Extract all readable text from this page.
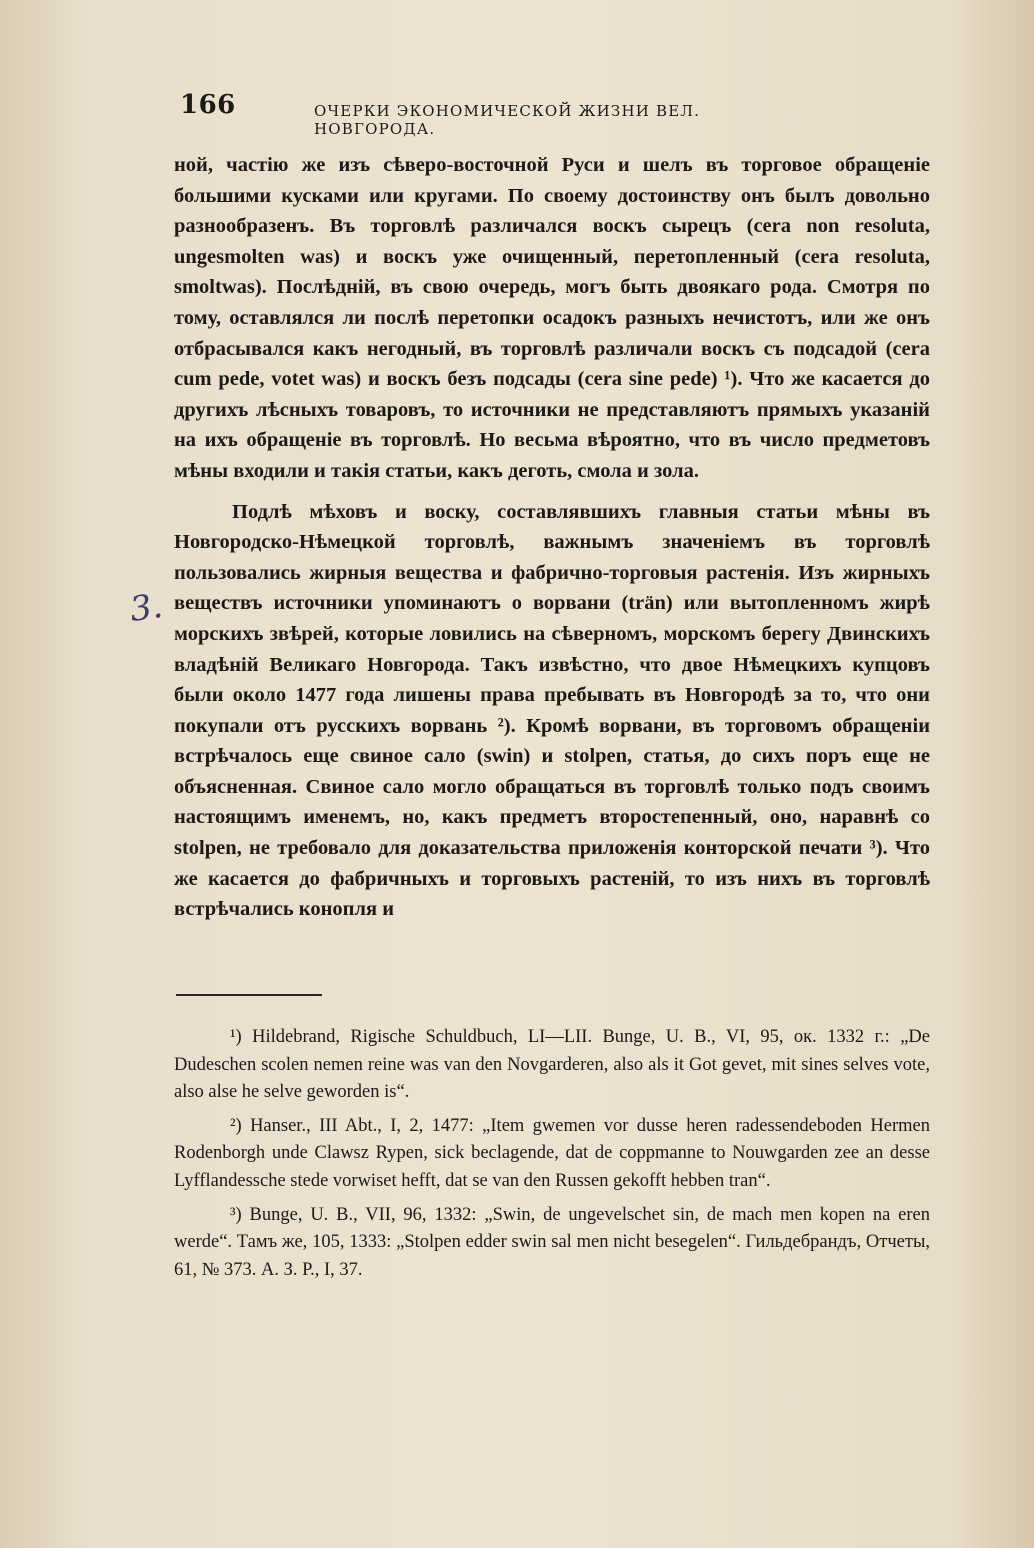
166	ОЧЕРКИ ЭКОНОМИЧЕСКОЙ ЖИЗНИ ВЕЛ. НОВГОРОДА.

ной, частію же изъ сѣверо-восточной Руси и шелъ въ торговое обращеніе большими кусками или кругами. По своему достоинству онъ былъ довольно разнообразенъ. Въ торговлѣ различался воскъ сырецъ (cera non resoluta, ungesmolten was) и воскъ уже очищенный, перетопленный (cera resoluta, smoltwas). Послѣдній, въ свою очередь, могъ быть двоякаго рода. Смотря по тому, оставлялся ли послѣ перетопки осадокъ разныхъ нечистотъ, или же онъ отбрасывался какъ негодный, въ торговлѣ различали воскъ съ подсадой (cera cum pede, votet was) и воскъ безъ подсады (cera sine pede) ¹). Что же касается до другихъ лѣсныхъ товаровъ, то источники не представляютъ прямыхъ указаній на ихъ обращеніе въ торговлѣ. Но весьма вѣроятно, что въ число предметовъ мѣны входили и такія статьи, какъ деготь, смола и зола.

Подлѣ мѣховъ и воску, составлявшихъ главныя статьи мѣны въ Новгородско-Нѣмецкой торговлѣ, важнымъ значеніемъ въ торговлѣ пользовались жирныя вещества и фабрично-торговыя растенія. Изъ жирныхъ веществъ источники упоминаютъ о ворвани (trän) или вытопленномъ жирѣ морскихъ звѣрей, которые ловились на сѣверномъ, морскомъ берегу Двинскихъ владѣній Великаго Новгорода. Такъ извѣстно, что двое Нѣмецкихъ купцовъ были около 1477 года лишены права пребывать въ Новгородѣ за то, что они покупали отъ русскихъ ворвань ²). Кромѣ ворвани, въ торговомъ обращеніи встрѣчалось еще свиное сало (swin) и stolpen, статья, до сихъ поръ еще не объясненная. Свиное сало могло обращаться въ торговлѣ только подъ своимъ настоящимъ именемъ, но, какъ предметъ второстепенный, оно, наравнѣ со stolpen, не требовало для доказательства приложенія конторской печати ³). Что же касается до фабричныхъ и торговыхъ растеній, то изъ нихъ въ торговлѣ встрѣчались конопля и

3.

¹) Hildebrand, Rigische Schuldbuch, LI—LII. Bunge, U. B., VI, 95, ок. 1332 г.: „De Dudeschen scolen nemen reine was van den Novgarderen, also als it Got gevet, mit sines selves vote, also alse he selve geworden is“.

²) Hanser., III Abt., I, 2, 1477: „Item gwemen vor dusse heren radessendeboden Hermen Rodenborgh unde Clawsz Rypen, sick beclagende, dat de coppmanne to Nouwgarden zee an desse Lyfflandessche stede vorwiset hefft, dat se van den Russen gekofft hebben tran“.

³) Bunge, U. B., VII, 96, 1332: „Swin, de ungevelschet sin, de mach men kopen na eren werde“. Тамъ же, 105, 1333: „Stolpen edder swin sal men nicht besegelen“. Гильдебрандъ, Отчеты, 61, № 373. А. З. Р., I, 37.
